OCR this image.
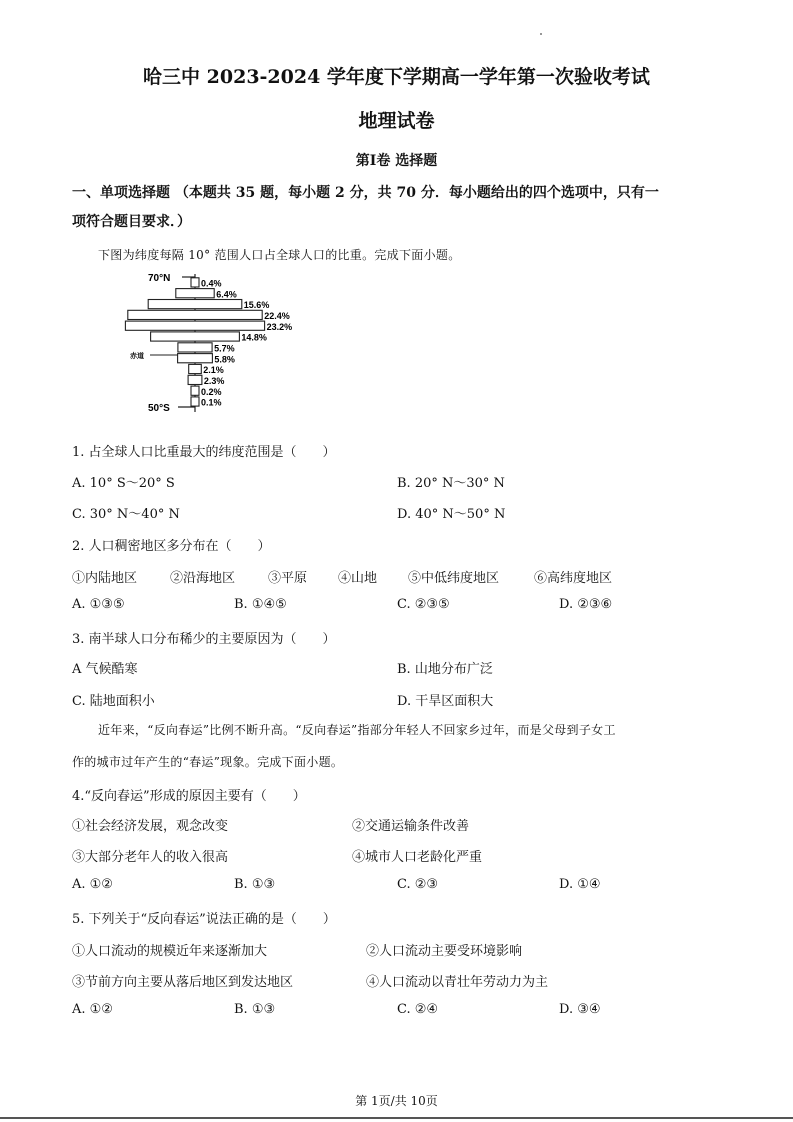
哈三中 2023-2024 学年度下学期高一学年第一次验收考试
地理试卷
第Ⅰ卷 选择题
一、单项选择题 （本题共 35 题，每小题 2 分，共 70 分．每小题给出的四个选项中，只有一
项符合题目要求．）
下图为纬度每隔 10° 范围人口占全球人口的比重。完成下面小题。
70°N
50°S
赤道
0.4%
6.4%
15.6%
22.4%
23.2%
14.8%
5.7%
5.8%
2.1%
2.3%
0.2%
0.1%
1. 占全球人口比重最大的纬度范围是（　　）
A. 10° S～20° S	B. 20° N～30° N
C. 30° N～40° N	D. 40° N～50° N
2. 人口稠密地区多分布在（　　）
①内陆地区	②沿海地区	③平原 ④山地 ⑤中低纬度地区	⑥高纬度地区
A. ①③⑤	B. ①④⑤	C. ②③⑤	D. ②③⑥
3. 南半球人口分布稀少的主要原因为（　　）
A 气候酷寒	B. 山地分布广泛
C. 陆地面积小	D. 干旱区面积大
近年来，“反向春运”比例不断升高。“反向春运”指部分年轻人不回家乡过年，而是父母到子女工
作的城市过年产生的“春运”现象。完成下面小题。
4.“反向春运”形成的原因主要有（　　）
①社会经济发展，观念改变	②交通运输条件改善
③大部分老年人的收入很高	④城市人口老龄化严重
A. ①②	B. ①③	C. ②③	D. ①④
5. 下列关于“反向春运”说法正确的是（　　）
①人口流动的规模近年来逐渐加大	②人口流动主要受环境影响
③节前方向主要从落后地区到发达地区	④人口流动以青壮年劳动力为主
A. ①②	B. ①③	C. ②④	D. ③④
第 1页/共 10页
